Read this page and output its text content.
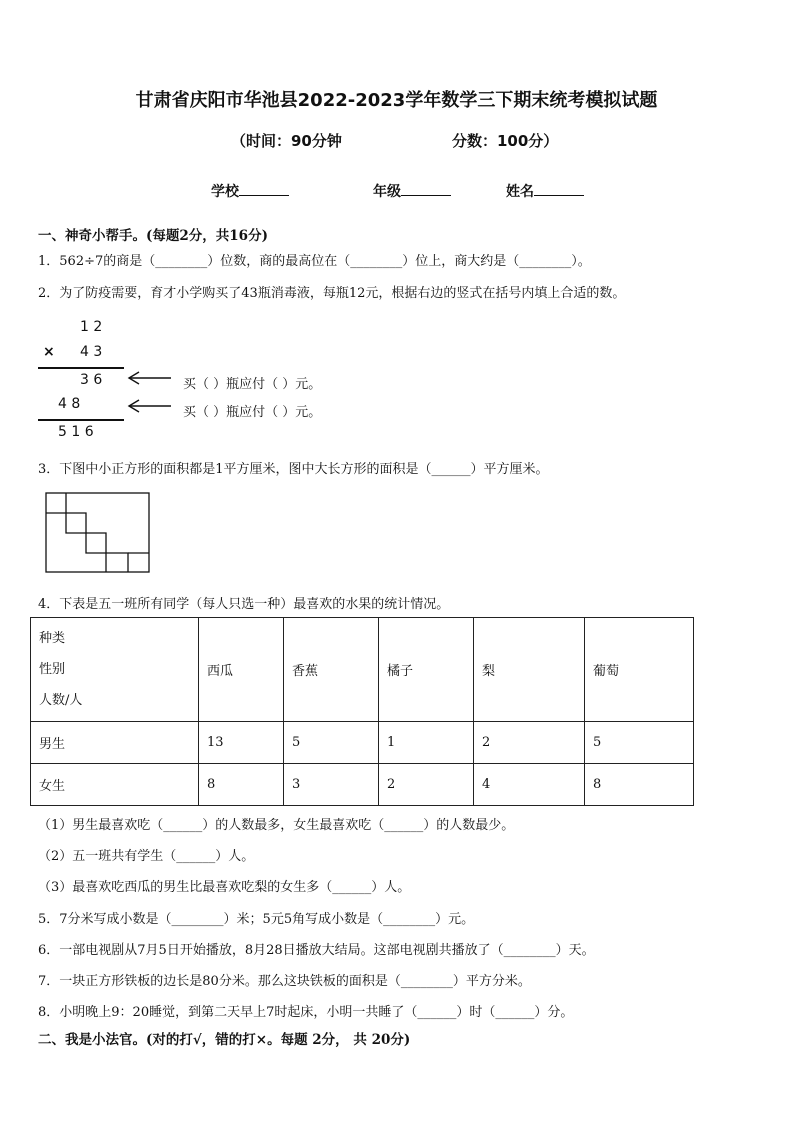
甘肃省庆阳市华池县2022-2023学年数学三下期末统考模拟试题
（时间：90分钟	分数：100分）
学校	年级	姓名
一、神奇小帮手。(每题2分，共16分)
1．562÷7的商是（________）位数，商的最高位在（________）位上，商大约是（________）。
2．为了防疫需要，育才小学购买了43瓶消毒液，每瓶12元，根据右边的竖式在括号内填上合适的数。
1 2
× 4 3
3 6	买（ ）瓶应付（ ）元。
4 8
买（ ）瓶应付（ ）元。
5 1 6
3．下图中小正方形的面积都是1平方厘米，图中大长方形的面积是（______）平方厘米。
4．下表是五一班所有同学（每人只选一种）最喜欢的水果的统计情况。
种类
性别
人数/人	西瓜	香蕉	橘子	梨	葡萄
男生	13	5	1	2	5
女生	8	3	2	4	8
（1）男生最喜欢吃（______）的人数最多，女生最喜欢吃（______）的人数最少。
（2）五一班共有学生（______）人。
（3）最喜欢吃西瓜的男生比最喜欢吃梨的女生多（______）人。
5．7分米写成小数是（________）米；5元5角写成小数是（________）元。
6．一部电视剧从7月5日开始播放，8月28日播放大结局。这部电视剧共播放了（________）天。
7．一块正方形铁板的边长是80分米。那么这块铁板的面积是（________）平方分米。
8．小明晚上9：20睡觉，到第二天早上7时起床，小明一共睡了（______）时（______）分。
二、我是小法官。(对的打√，错的打×。每题 2分， 共 20分)
